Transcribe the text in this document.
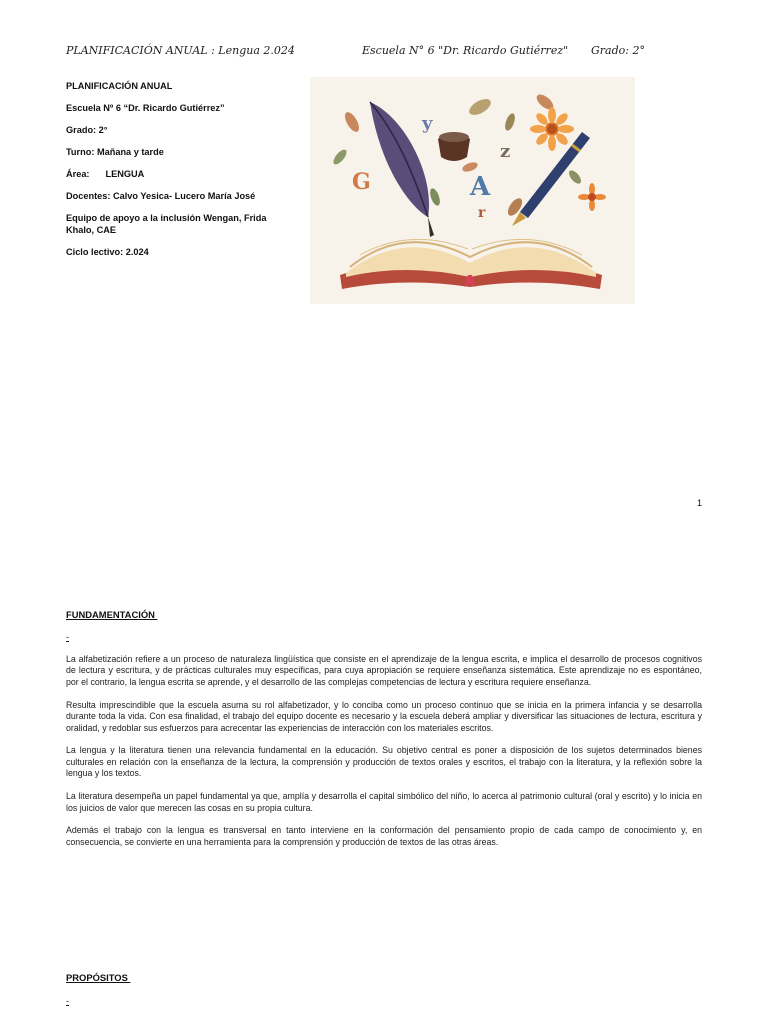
PLANIFICACIÓN ANUAL : Lengua 2.024	Escuela N° 6 "Dr. Ricardo Gutiérrez" Grado: 2°

PLANIFICACIÓN ANUAL

Escuela Nº 6 “Dr. Ricardo Gutiérrez”

Grado: 2°

Turno: Mañana y tarde

Área: LENGUA

Docentes: Calvo Yesica- Lucero María José

Equipo de apoyo a la inclusión Wengan, Frida Khalo, CAE

Ciclo lectivo: 2.024

y
z
G	A
r
1
FUNDAMENTACIÓN
-

La alfabetización refiere a un proceso de naturaleza lingüística que consiste en el aprendizaje de la lengua escrita, e implica el desarrollo de procesos cognitivos de lectura y escritura, y de prácticas culturales muy específicas, para cuya apropiación se requiere enseñanza sistemática. Este aprendizaje no es espontáneo, por el contrario, la lengua escrita se aprende, y el desarrollo de las complejas competencias de lectura y escritura requiere enseñanza.

Resulta imprescindible que la escuela asuma su rol alfabetizador, y lo conciba como un proceso continuo que se inicia en la primera infancia y se desarrolla durante toda la vida. Con esa finalidad, el trabajo del equipo docente es necesario y la escuela deberá ampliar y diversificar las situaciones de lectura, escritura y oralidad, y redoblar sus esfuerzos para acrecentar las experiencias de interacción con los materiales escritos.

La lengua y la literatura tienen una relevancia fundamental en la educación. Su objetivo central es poner a disposición de los sujetos determinados bienes culturales en relación con la enseñanza de la lectura, la comprensión y producción de textos orales y escritos, el trabajo con la literatura, y la reflexión sobre la lengua y los textos.

La literatura desempeña un papel fundamental ya que, amplía y desarrolla el capital simbólico del niño, lo acerca al patrimonio cultural (oral y escrito) y lo inicia en los juicios de valor que merecen las cosas en su propia cultura.

Además el trabajo con la lengua es transversal en tanto interviene en la conformación del pensamiento propio de cada campo de conocimiento y, en consecuencia, se convierte en una herramienta para la comprensión y producción de textos de las otras áreas.

PROPÓSITOS
-
